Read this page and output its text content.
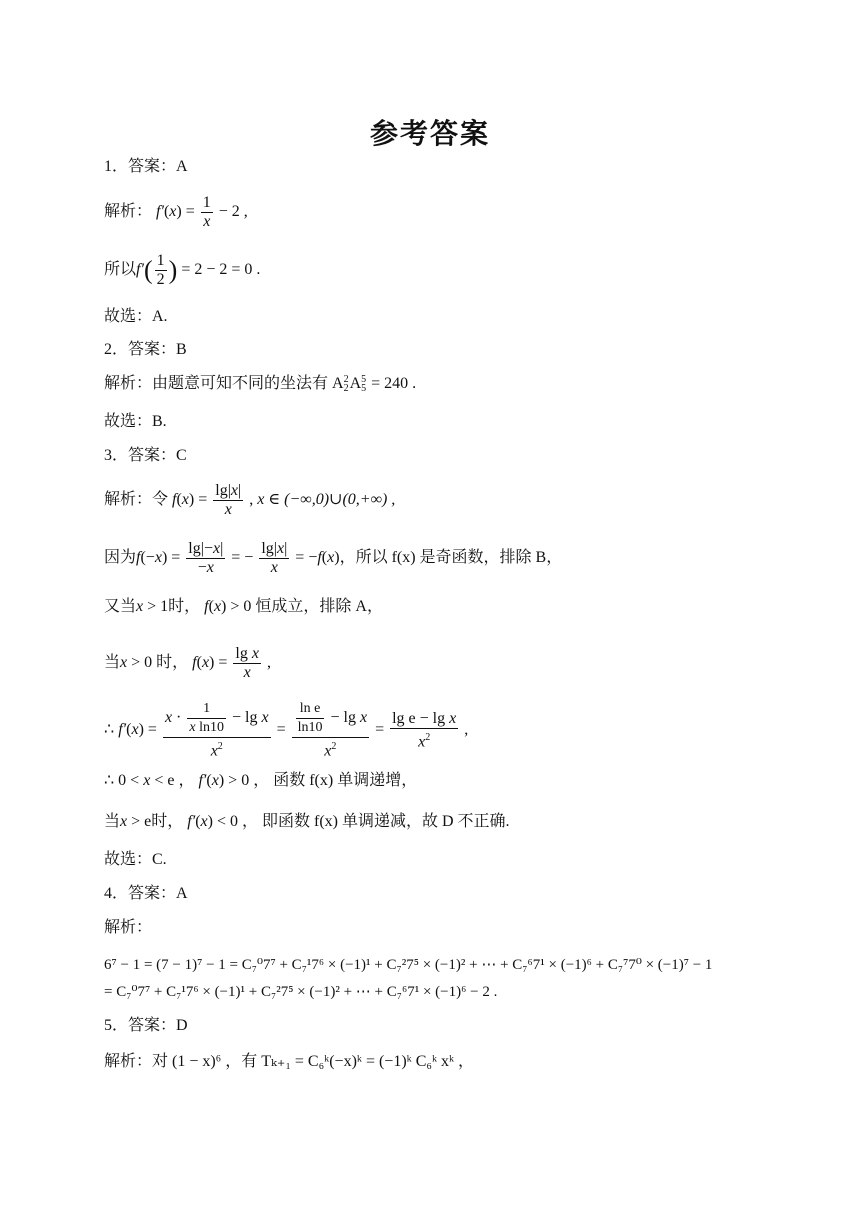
参考答案
1．答案：A
解析： $f'(x) = \frac{1}{x} - 2$ ,
所以$f'( \frac{1}{2}$ ) = 2 − 2 = 0 .
故选：A.
2．答案：B
解析：由题意可知不同的坐法有 A 2
2 A 5
5 = 240 .
故选：B.
3．答案：C
解析：令 $f(x) = \frac{\lg|x|}{x}$ , x ∈ (−∞,0)∪(0,+∞) ,
因为$f(-x) = \frac{\lg|-x|}{-x}$ = − $\frac{\lg|x|}{x} = -f(x)$，所以 f(x) 是奇函数，排除 B，
又当x > 1时， f(x) > 0 恒成立，排除 A，
当x > 0 时， $f(x) = \frac{\text{lg x}}{x}$ ,
∴ $f'(x) = \frac{x \cdot \frac{1}{\text{x ln10}} - \lg x}{x^2} = \frac{\frac{\text{ln e}}{\ln 10} - \lg x}{x^2} = \frac{\text{lg e − lg x}}{x^2}$ ,
∴ 0 < x < e ， f′(x) > 0 ， 函数 f(x) 单调递增，
当x > e时， f′(x) < 0 ， 即函数 f(x) 单调递减，故 D 不正确.
故选：C.
4．答案：A
解析：
6⁷ − 1 = (7 − 1)⁷ − 1 = C₇⁰7⁷ + C₇¹7⁶ × (−1)¹ + C₇²7⁵ × (−1)² + ⋯ + C₇⁶7¹ × (−1)⁶ + C₇⁷7⁰ × (−1)⁷ − 1
= C₇⁰7⁷ + C₇¹7⁶ × (−1)¹ + C₇²7⁵ × (−1)² + ⋯ + C₇⁶7¹ × (−1)⁶ − 2 .
5．答案：D
解析：对 (1 − x)⁶ ，有 Tₖ₊₁ = C₆ᵏ(−x)ᵏ = (−1)ᵏ C₆ᵏ xᵏ ，
